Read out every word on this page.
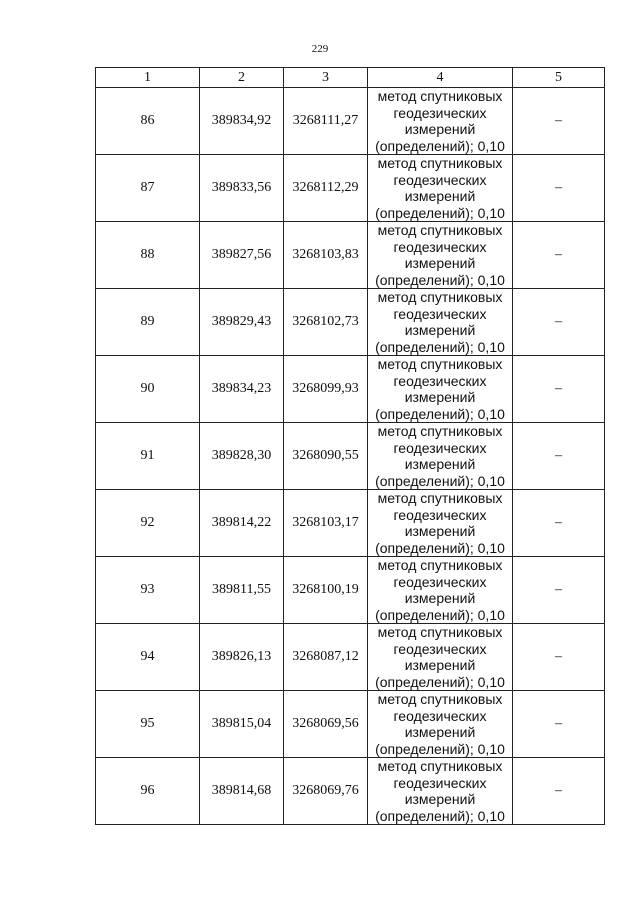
229
1	2	3	4	5
86	389834,92	3268111,27	метод спутниковых
геодезических
измерений
(определений); 0,10	–
87	389833,56	3268112,29	метод спутниковых
геодезических
измерений
(определений); 0,10	–
88	389827,56	3268103,83	метод спутниковых
геодезических
измерений
(определений); 0,10	–
89	389829,43	3268102,73	метод спутниковых
геодезических
измерений
(определений); 0,10	–
90	389834,23	3268099,93	метод спутниковых
геодезических
измерений
(определений); 0,10	–
91	389828,30	3268090,55	метод спутниковых
геодезических
измерений
(определений); 0,10	–
92	389814,22	3268103,17	метод спутниковых
геодезических
измерений
(определений); 0,10	–
93	389811,55	3268100,19	метод спутниковых
геодезических
измерений
(определений); 0,10	–
94	389826,13	3268087,12	метод спутниковых
геодезических
измерений
(определений); 0,10	–
95	389815,04	3268069,56	метод спутниковых
геодезических
измерений
(определений); 0,10	–
96	389814,68	3268069,76	метод спутниковых
геодезических
измерений
(определений); 0,10	–
